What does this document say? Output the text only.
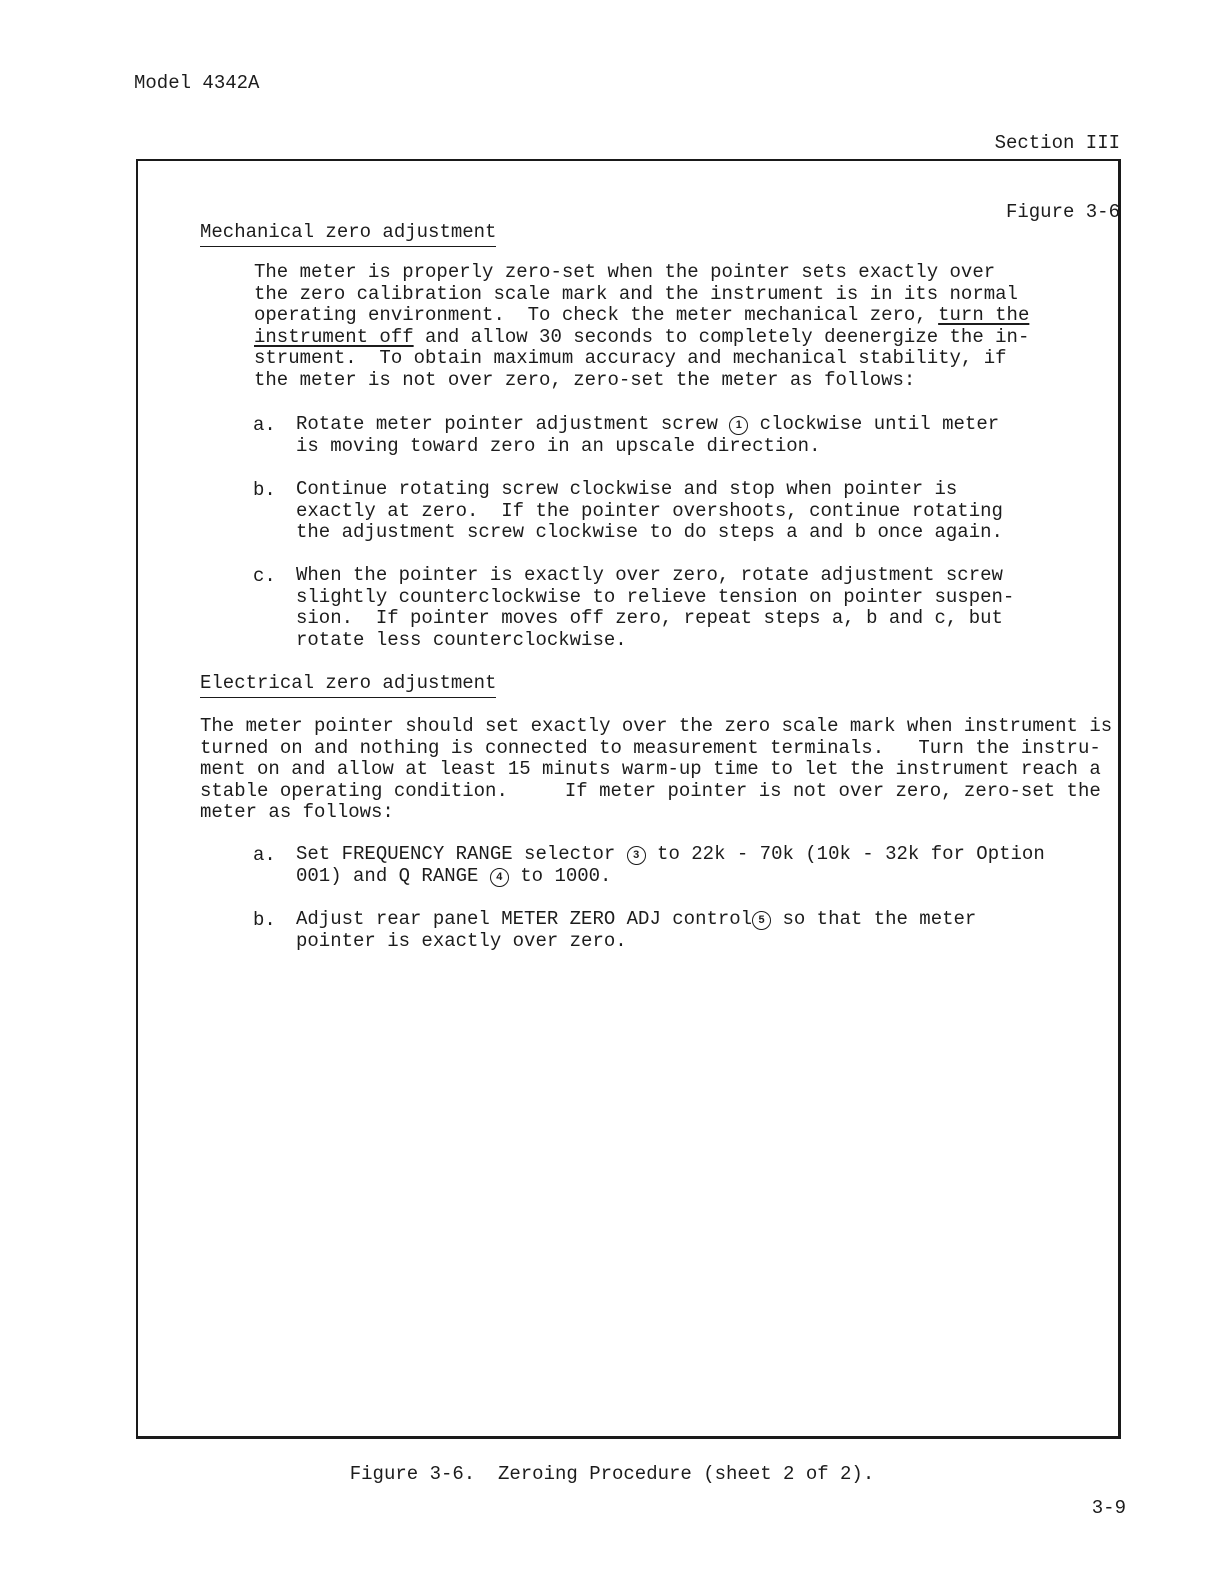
Model 4342A

Section III

Figure 3-6

Mechanical zero adjustment
The meter is properly zero-set when the pointer sets exactly over
the zero calibration scale mark and the instrument is in its normal
operating environment.  To check the meter mechanical zero, turn the
instrument off and allow 30 seconds to completely deenergize the in-
strument.  To obtain maximum accuracy and mechanical stability, if
the meter is not over zero, zero-set the meter as follows:
a. Rotate meter pointer adjustment screw 1 clockwise until meter
is moving toward zero in an upscale direction.
b. Continue rotating screw clockwise and stop when pointer is
exactly at zero.  If the pointer overshoots, continue rotating
the adjustment screw clockwise to do steps a and b once again.
c. When the pointer is exactly over zero, rotate adjustment screw
slightly counterclockwise to relieve tension on pointer suspen-
sion.  If pointer moves off zero, repeat steps a, b and c, but
rotate less counterclockwise.
Electrical zero adjustment
The meter pointer should set exactly over the zero scale mark when instrument is
turned on and nothing is connected to measurement terminals.   Turn the instru-
ment on and allow at least 15 minuts warm-up time to let the instrument reach a
stable operating condition.     If meter pointer is not over zero, zero-set the
meter as follows:
a. Set FREQUENCY RANGE selector 3 to 22k - 70k (10k - 32k for Option
001) and Q RANGE 4 to 1000.
b. Adjust rear panel METER ZERO ADJ control 5 so that the meter
pointer is exactly over zero.
Figure 3-6.  Zeroing Procedure (sheet 2 of 2).
3-9
